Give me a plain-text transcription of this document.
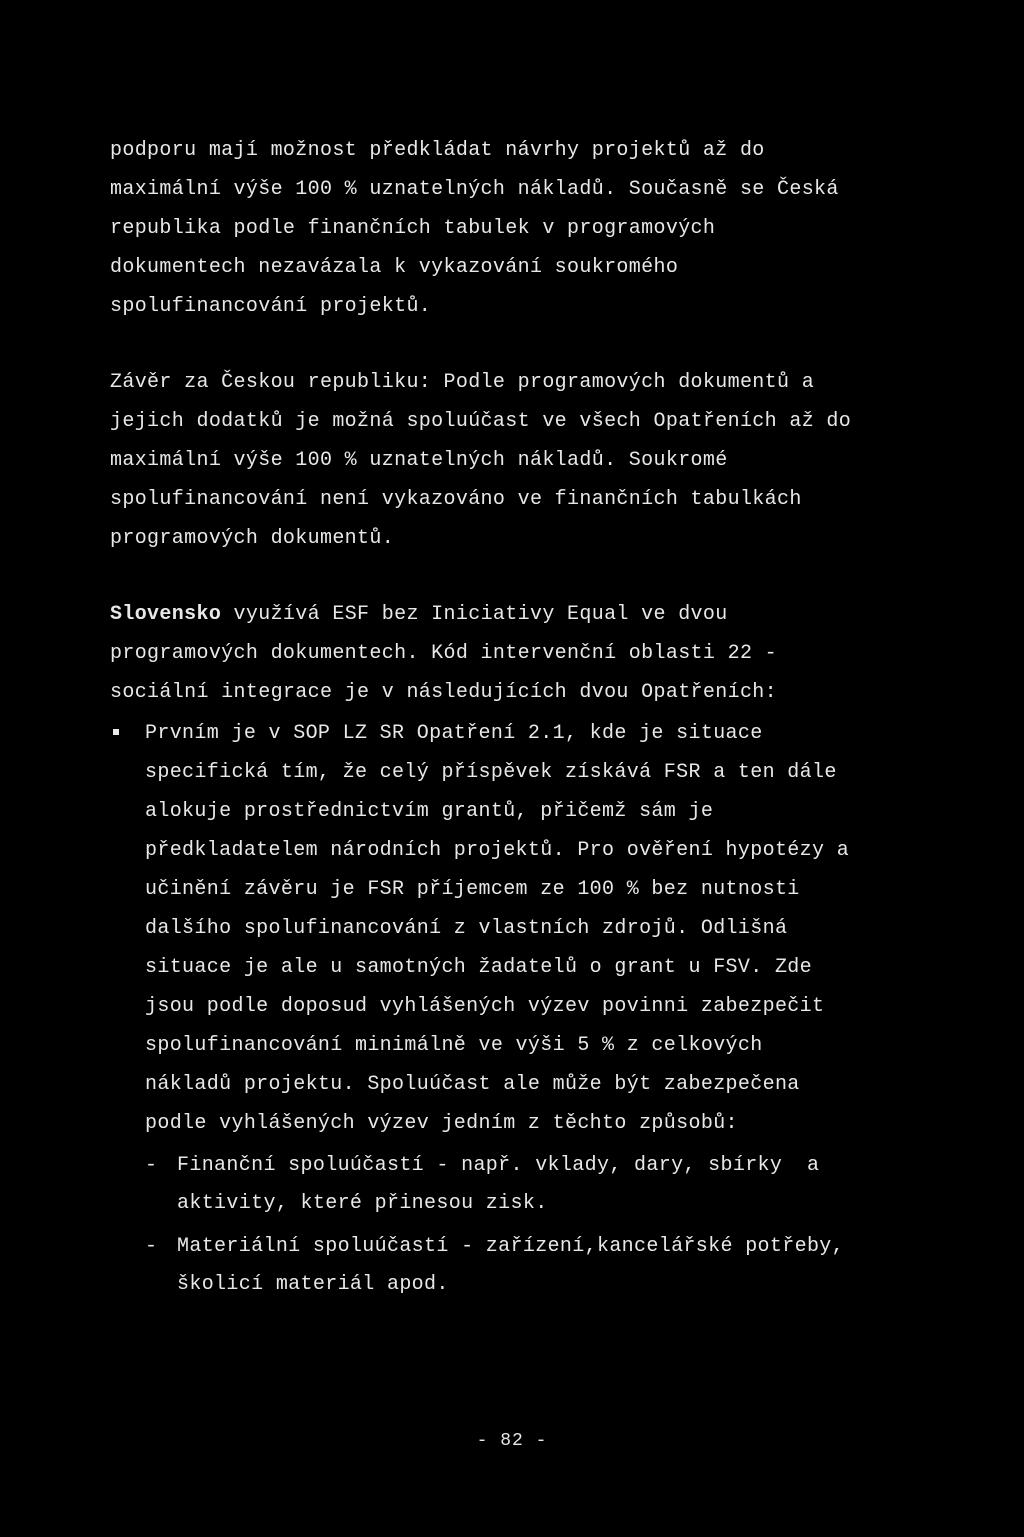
podporu mají možnost předkládat návrhy projektů až do
maximální výše 100 % uznatelných nákladů. Současně se Česká
republika podle finančních tabulek v programových
dokumentech nezavázala k vykazování soukromého
spolufinancování projektů.
Závěr za Českou republiku: Podle programových dokumentů a
jejich dodatků je možná spoluúčast ve všech Opatřeních až do
maximální výše 100 % uznatelných nákladů. Soukromé
spolufinancování není vykazováno ve finančních tabulkách
programových dokumentů.
Slovensko využívá ESF bez Iniciativy Equal ve dvou
programových dokumentech. Kód intervenční oblasti 22 -
sociální integrace je v následujících dvou Opatřeních:
Prvním je v SOP LZ SR Opatření 2.1, kde je situace
specifická tím, že celý příspěvek získává FSR a ten dále
alokuje prostřednictvím grantů, přičemž sám je
předkladatelem národních projektů. Pro ověření hypotézy a
učinění závěru je FSR příjemcem ze 100 % bez nutnosti
dalšího spolufinancování z vlastních zdrojů. Odlišná
situace je ale u samotných žadatelů o grant u FSV. Zde
jsou podle doposud vyhlášených výzev povinni zabezpečit
spolufinancování minimálně ve výši 5 % z celkových
nákladů projektu. Spoluúčast ale může být zabezpečena
podle vyhlášených výzev jedním z těchto způsobů:
- Finanční spoluúčastí - např. vklady, dary, sbírky  a
aktivity, které přinesou zisk.
- Materiální spoluúčastí - zařízení,kancelářské potřeby,
školicí materiál apod.
- 82 -
